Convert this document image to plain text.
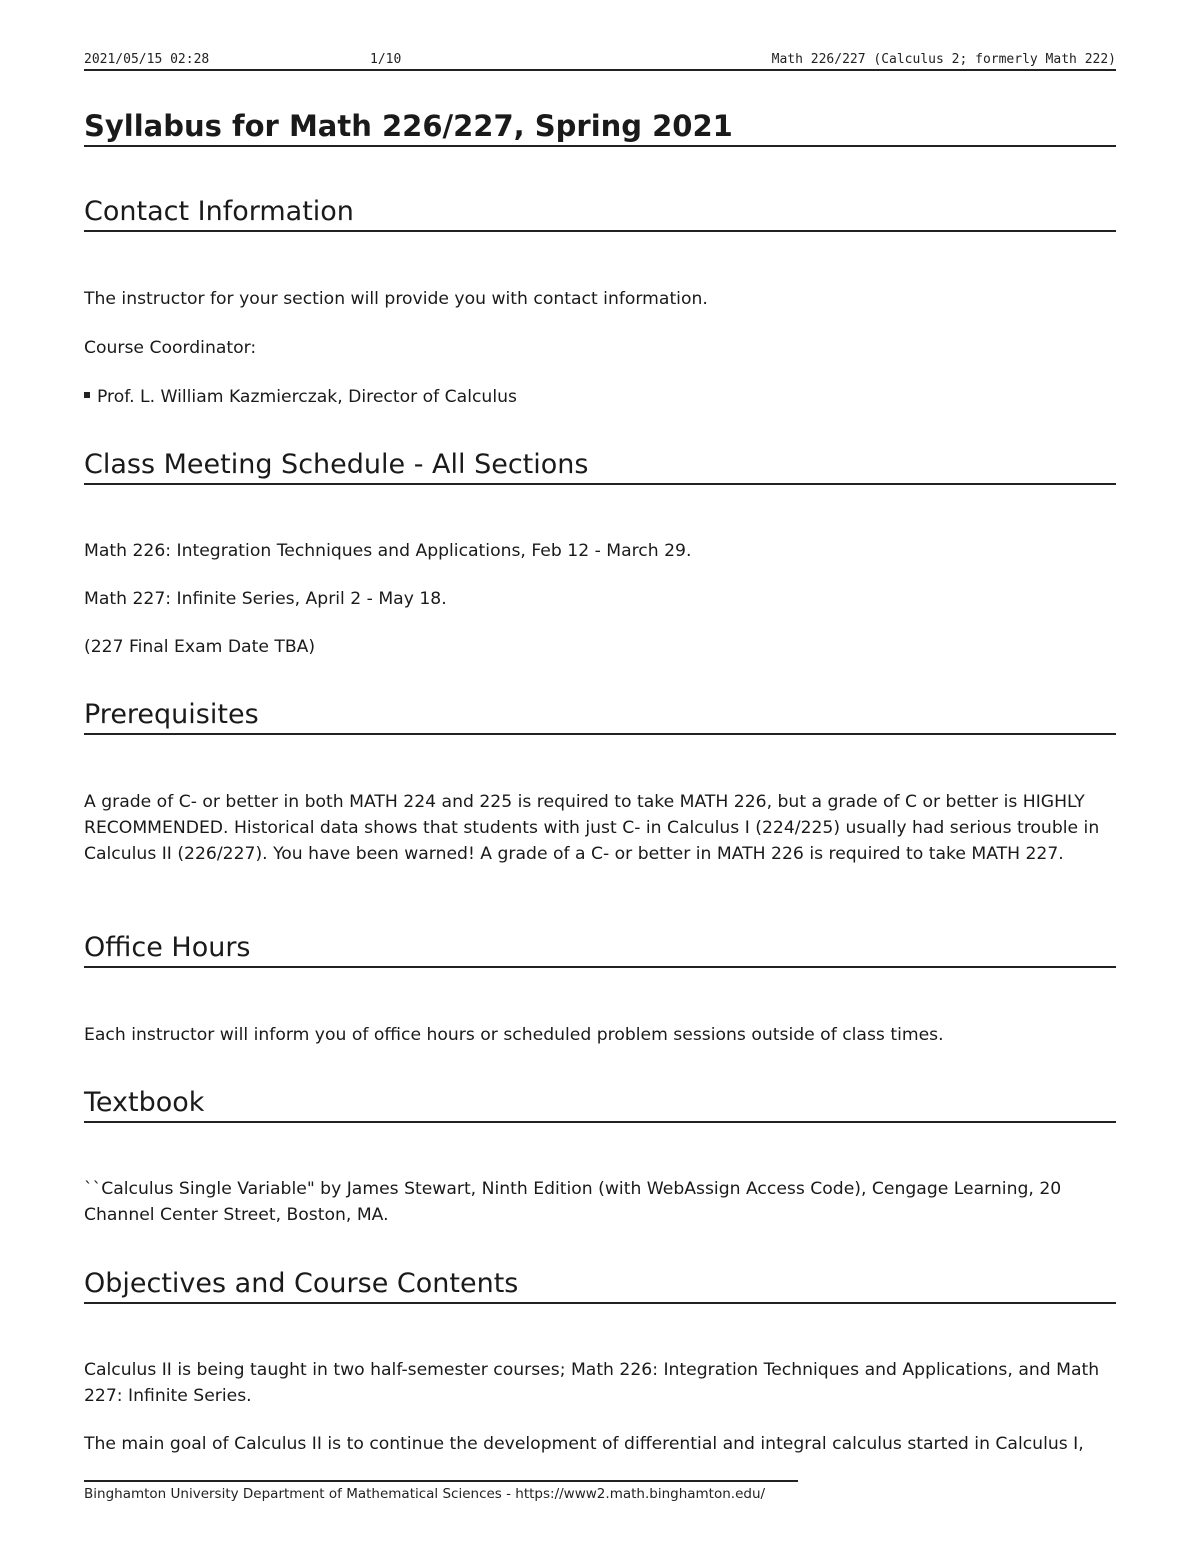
2021/05/15 02:28	1/10	Math 226/227 (Calculus 2; formerly Math 222)
Syllabus for Math 226/227, Spring 2021
Contact Information

The instructor for your section will provide you with contact information.

Course Coordinator:

Prof. L. William Kazmierczak, Director of Calculus
Class Meeting Schedule - All Sections

Math 226: Integration Techniques and Applications, Feb 12 - March 29.

Math 227: Infinite Series, April 2 - May 18.

(227 Final Exam Date TBA)

Prerequisites

A grade of C- or better in both MATH 224 and 225 is required to take MATH 226, but a grade of C or better is HIGHLY RECOMMENDED. Historical data shows that students with just C- in Calculus I (224/225) usually had serious trouble in Calculus II (226/227). You have been warned! A grade of a C- or better in MATH 226 is required to take MATH 227.

Office Hours

Each instructor will inform you of office hours or scheduled problem sessions outside of class times.

Textbook

``Calculus Single Variable" by James Stewart, Ninth Edition (with WebAssign Access Code), Cengage Learning, 20 Channel Center Street, Boston, MA.

Objectives and Course Contents

Calculus II is being taught in two half-semester courses; Math 226: Integration Techniques and Applications, and Math 227: Infinite Series.

The main goal of Calculus II is to continue the development of differential and integral calculus started in Calculus I,

Binghamton University Department of Mathematical Sciences - https://www2.math.binghamton.edu/
